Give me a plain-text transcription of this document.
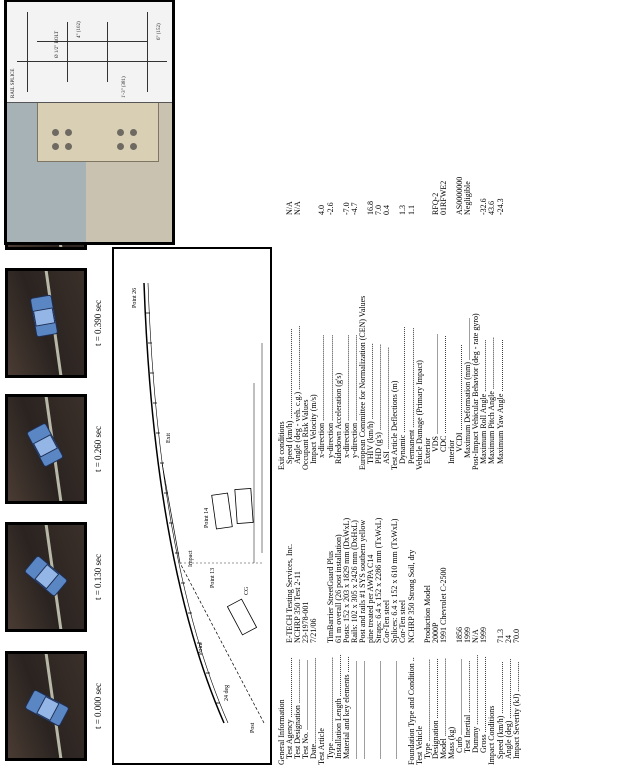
t = 0.000 sec
t = 0.130 sec
t = 0.260 sec
t = 0.390 sec
Post
24 deg
Exit
Point 26
Point 14
Point 13
CG
Impact
Point
RAIL SPLICE
Ø 1/2" BOLT
4" (102)
1'-3" (381)
6" (152)
General Information Test Agency ..............................
E-TECH Testing Services, Inc.
Test Designation ......................
NCHRP 350 Test 2-11
Test No. ...................................
23-1978-001
Date...........................................
7/21/06
Test Article Type ..........................................
TimBarrier StreetGuard Plus
Installation Length .....................
61 m overall (26 post installation)
Material and key elements ........
Posts: 152 x 203 x 1829 mm (DxWxL)
.................................................
Rails: 102 x 305 x 2426 mm (DxHxL)
.................................................
Post and rails #1 SYS southern yellow pine treated per AWPA C14
.................................................
Straps: 6.4 x 152 x 2286 mm (TxWxL) Cor-Ten steel
.................................................
Splices: 6.4 x 152 x 610 mm (TxWxL) Cor-Ten steel
Foundation Type and Condition ..
NCHRP 350 Strong Soil, dry
Test Vehicle Type .........................................
Production Model
Designation ..............................
2000P
Model .......................................
1991 Chevrolet C-2500
Mass (kg) Curb ......................................
1856
Test Inertial ..........................
1999
Dummy ...................................
N/A
Gross ......................................
1999
Impact Conditions Speed (km/h) ..........................
71.3
Angle (deg) ..............................
24
Impact Severity (kJ) ...............
70.0
Exit conditions Speed (km/h) .............................................
N/A
Angle (deg - veh. c.g.) ................................
N/A
Occupant Risk Values Impact Velocity (m/s) x-direction ...........................................
4.0
y-direction ...........................................
-2.6
Ridedown Acceleration (g's) x-direction ...........................................
-7.0
y-direction ...........................................
-4.7
European Committee for Normalization (CEN) Values THIV (km/h) ......................................
16.8
PHD (g's) ...........................................
7.0
ASI ...................................................
0.4
Test Article Deflections (m) Dynamic .....................................................
1.3
Permanent ..................................................
1.1
Vehicle Damage (Primary Impact) Exterior VDS ..................................................
RFQ-2
CDC .................................................
01RFWE2
Interior VCDI ...........................................
AS0000000
Maximum Deformation (mm) .....................
Negligible
Post-Impact Vehicular Behavior (deg - rate gyro) Maximum Roll Angle ..........................
-32.6
Maximum Pitch Angle ..........................
43.6
Maximum Yaw Angle ..........................
-24.3
